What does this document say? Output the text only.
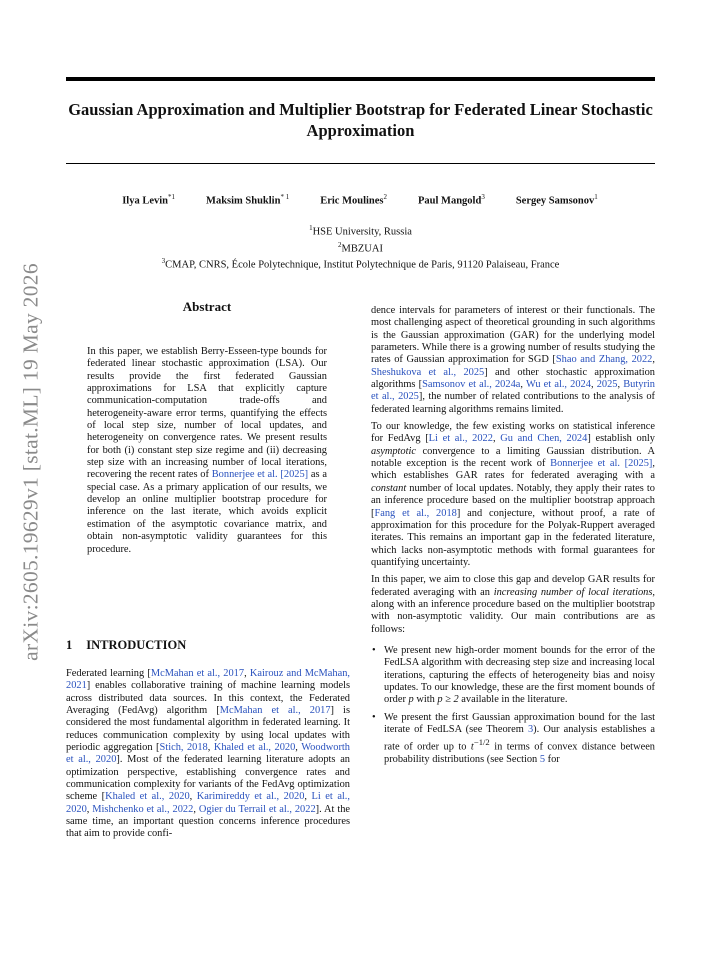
Gaussian Approximation and Multiplier Bootstrap for Federated Linear Stochastic Approximation
Ilya Levin$^{*1}$	Maksim Shuklin$^{* 1}$	Eric Moulines$^2$	Paul Mangold$^3$	Sergey Samsonov$^1$
$^1$HSE University, Russia
$^2$MBZUAI
$^3$CMAP, CNRS, École Polytechnique, Institut Polytechnique de Paris, 91120 Palaiseau, France
arXiv:2605.19629v1 [stat.ML] 19 May 2026	Abstract

In this paper, we establish Berry-Esseen-type bounds for federated linear stochastic approximation (LSA). Our results provide the first federated Gaussian approximations for LSA that explicitly capture communication-computation trade-offs and heterogeneity-aware error terms, quantifying the effects of local step size, number of local updates, and heterogeneity on convergence rates. We present results for both (i) constant step size regime and (ii) decreasing step size with an increasing number of local iterations, recovering the recent rates of Bonnerjee et al. [2025] as a special case. As a primary application of our results, we develop an online multiplier bootstrap procedure for inference on the last iterate, which avoids explicit estimation of the asymptotic covariance matrix, and obtain non-asymptotic validity guarantees for this procedure.

1 INTRODUCTION

Federated learning [McMahan et al., 2017, Kairouz and McMahan, 2021] enables collaborative training of machine learning models across distributed data sources. In this context, the Federated Averaging (FedAvg) algorithm [McMahan et al., 2017] is considered the most fundamental algorithm in federated learning. It reduces communication complexity by using local updates with periodic aggregation [Stich, 2018, Khaled et al., 2020, Woodworth et al., 2020]. Most of the federated learning literature adopts an optimization perspective, establishing convergence rates and communication complexity for variants of the FedAvg optimization scheme [Khaled et al., 2020, Karimireddy et al., 2020, Li et al., 2020, Mishchenko et al., 2022, Ogier du Terrail et al., 2022]. At the same time, an important question concerns inference procedures that aim to provide confi-

dence intervals for parameters of interest or their functionals. The most challenging aspect of theoretical grounding in such algorithms is the Gaussian approximation (GAR) for the underlying model parameters. While there is a growing number of results studying the rates of Gaussian approximation for SGD [Shao and Zhang, 2022, Sheshukova et al., 2025] and other stochastic approximation algorithms [Samsonov et al., 2024a, Wu et al., 2024, 2025, Butyrin et al., 2025], the number of related contributions to the analysis of federated learning algorithms remains limited.

To our knowledge, the few existing works on statistical inference for FedAvg [Li et al., 2022, Gu and Chen, 2024] establish only asymptotic convergence to a limiting Gaussian distribution. A notable exception is the recent work of Bonnerjee et al. [2025], which establishes GAR rates for federated averaging with a constant number of local updates. Notably, they apply their rates to an inference procedure based on the multiplier bootstrap approach [Fang et al., 2018] and conjecture, without proof, a rate of approximation for this procedure for the Polyak-Ruppert averaged iterates. This remains an important gap in the federated literature, which lacks non-asymptotic methods with formal guarantees for quantifying uncertainty.

In this paper, we aim to close this gap and develop GAR results for federated averaging with an increasing number of local iterations, along with an inference procedure based on the multiplier bootstrap with non-asymptotic validity. Our main contributions are as follows:

• We present new high-order moment bounds for the error of the FedLSA algorithm with decreasing step size and increasing local iterations, capturing the effects of heterogeneity bias and noisy updates. To our knowledge, these are the first moment bounds of order p with p ≥ 2 available in the literature.
• We present the first Gaussian approximation bound for the last iterate of FedLSA (see Theorem 3). Our analysis establishes a rate of order up to $t^{-1/2}$ in terms of convex distance between probability distributions (see Section 5 for
